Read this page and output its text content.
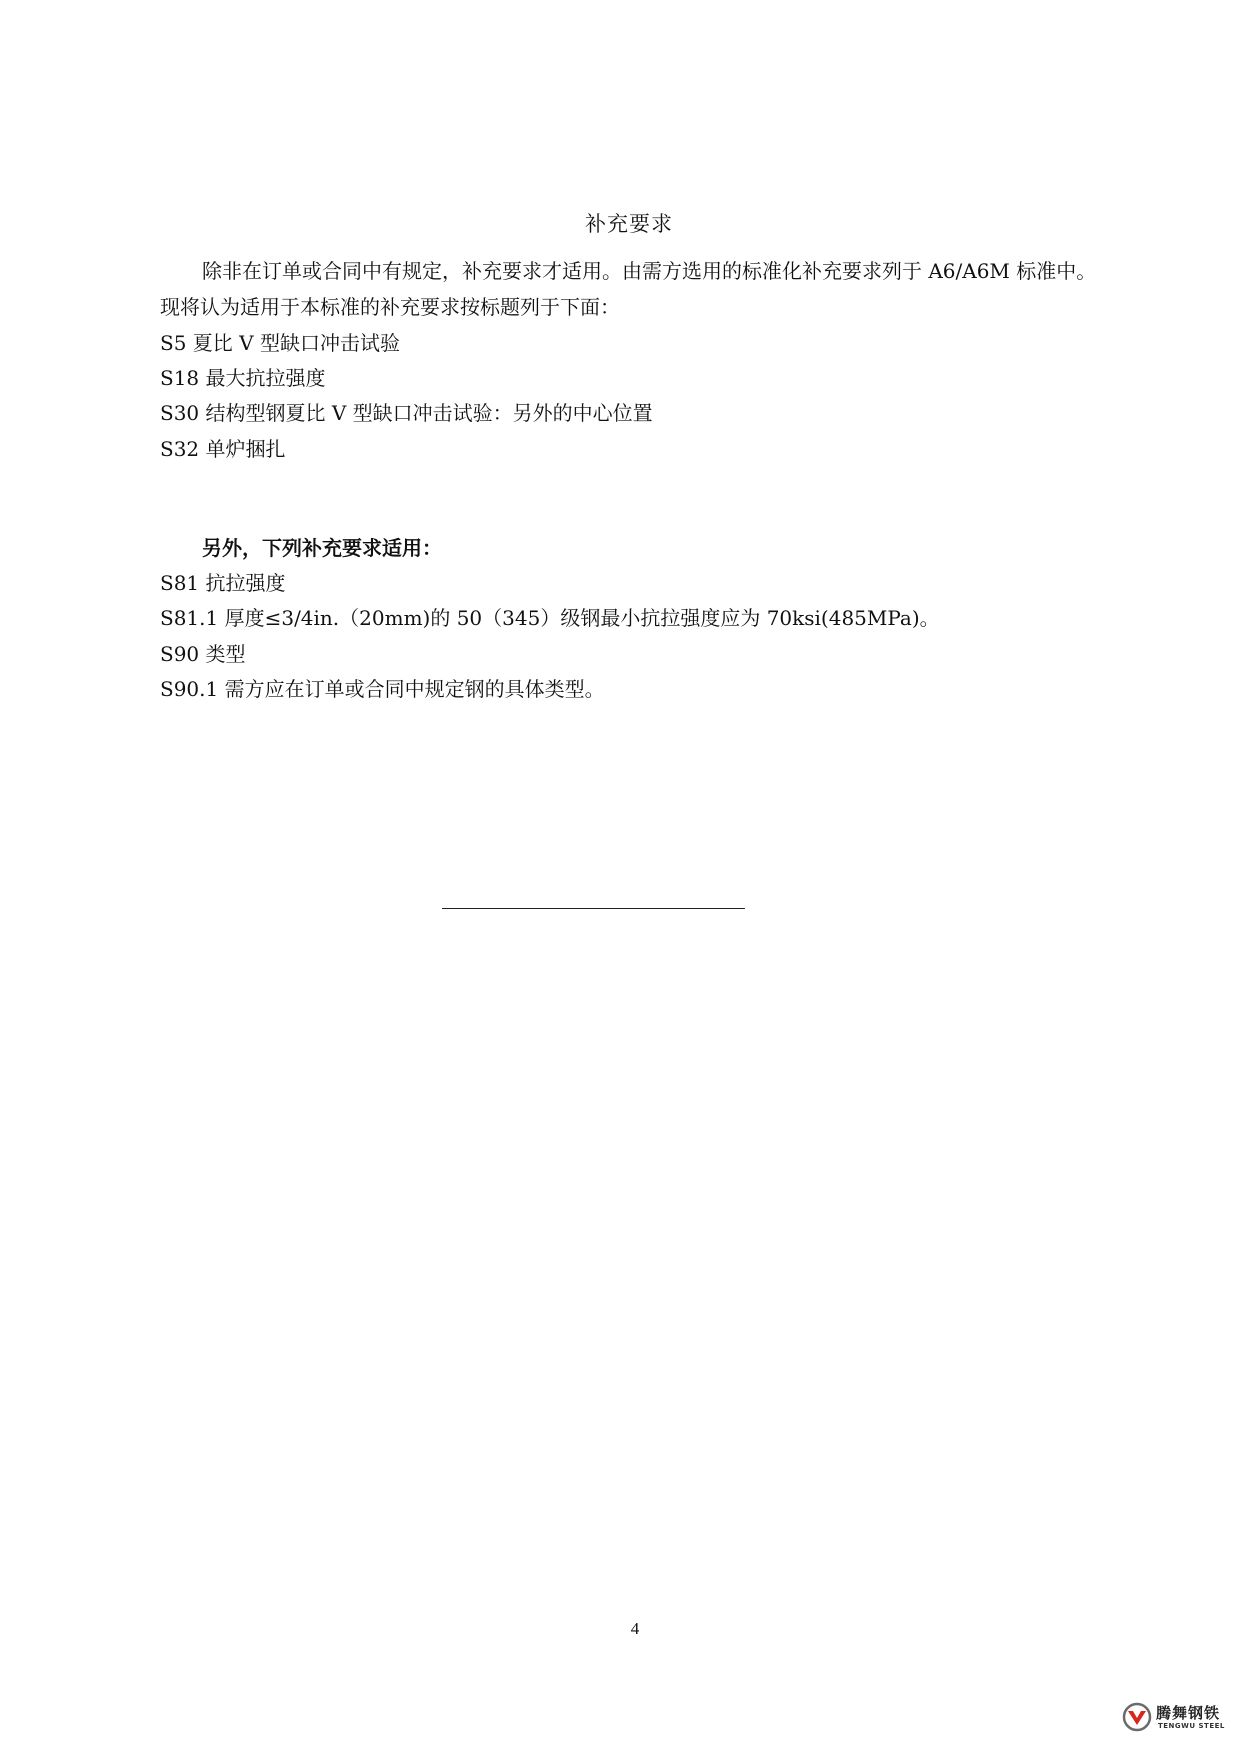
补充要求
除非在订单或合同中有规定，补充要求才适用。由需方选用的标准化补充要求列于 A6/A6M 标准中。
现将认为适用于本标准的补充要求按标题列于下面：
S5 夏比 V 型缺口冲击试验
S18 最大抗拉强度
S30 结构型钢夏比 V 型缺口冲击试验：另外的中心位置
S32 单炉捆扎
另外，下列补充要求适用：
S81 抗拉强度
S81.1 厚度≤3/4in.（20mm)的 50（345）级钢最小抗拉强度应为 70ksi(485MPa)。
S90 类型
S90.1 需方应在订单或合同中规定钢的具体类型。
4
腾舞钢铁
TENGWU STEEL
